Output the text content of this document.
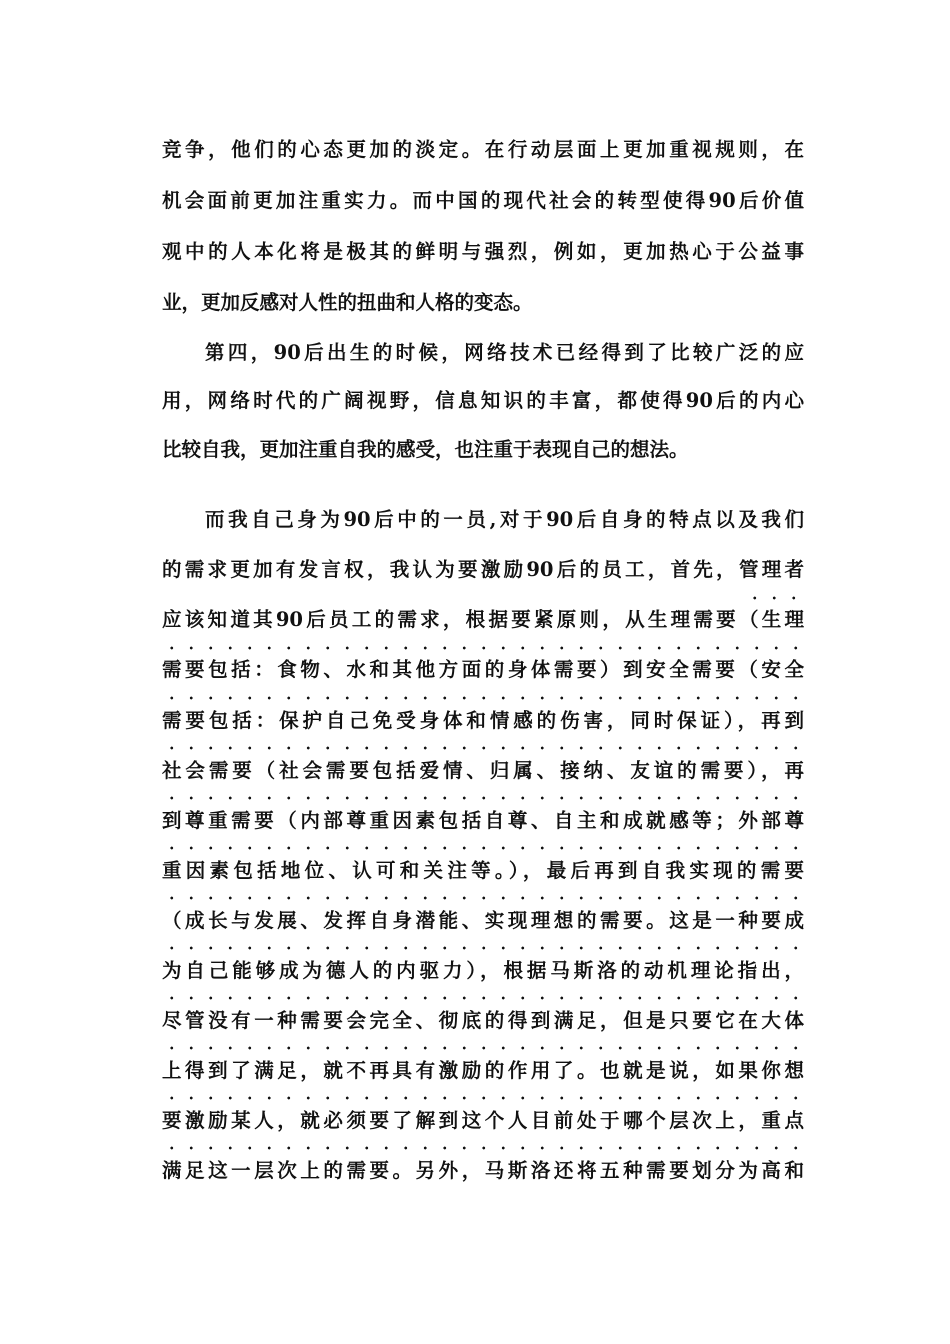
竞争，他们的心态更加的淡定。在行动层面上更加重视规则，在
机会面前更加注重实力。而中国的现代社会的转型使得90后价值
观中的人本化将是极其的鲜明与强烈，例如，更加热心于公益事
业，更加反感对人性的扭曲和人格的变态。
第四，90后出生的时候，网络技术已经得到了比较广泛的应
用，网络时代的广阔视野，信息知识的丰富，都使得90后的内心
比较自我，更加注重自我的感受，也注重于表现自己的想法。
而我自己身为90后中的一员,对于90后自身的特点以及我们
的需求更加有发言权，我认为要激励90后的员工，首先，管理者
应该知道其90后员工的需求，根据要紧原则，从生理需要（生理
需要包括：食物、水和其他方面的身体需要）到安全需要（安全
需要包括：保护自己免受身体和情感的伤害，同时保证），再到
社会需要（社会需要包括爱情、归属、接纳、友谊的需要），再
到尊重需要（内部尊重因素包括自尊、自主和成就感等；外部尊
重因素包括地位、认可和关注等。），最后再到自我实现的需要
（成长与发展、发挥自身潜能、实现理想的需要。这是一种要成
为自己能够成为德人的内驱力），根据马斯洛的动机理论指出，
尽管没有一种需要会完全、彻底的得到满足，但是只要它在大体
上得到了满足，就不再具有激励的作用了。也就是说，如果你想
要激励某人，就必须要了解到这个人目前处于哪个层次上，重点
满足这一层次上的需要。另外，马斯洛还将五种需要划分为高和
